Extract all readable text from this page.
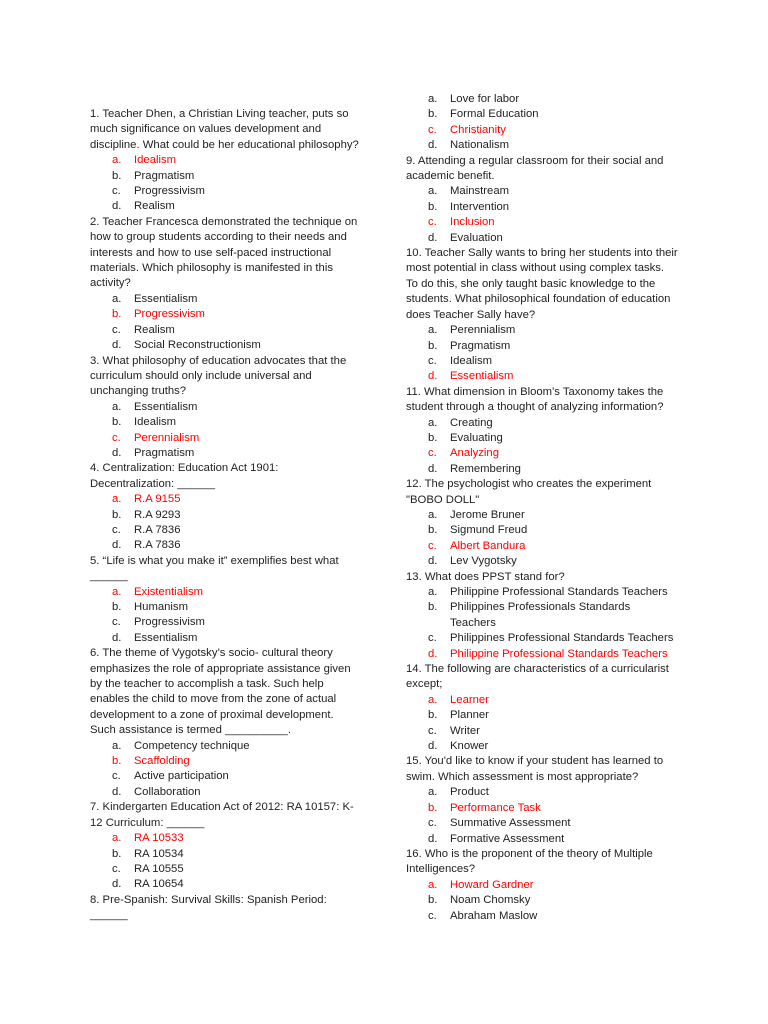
1. Teacher Dhen, a Christian Living teacher, puts so much significance on values development and discipline. What could be her educational philosophy?

a.	Idealism
b.	Pragmatism
c.	Progressivism
d.	Realism

2. Teacher Francesca demonstrated the technique on how to group students according to their needs and interests and how to use self-paced instructional materials. Which philosophy is manifested in this activity?

a.	Essentialism
b.	Progressivism
c.	Realism
d.	Social Reconstructionism

3. What philosophy of education advocates that the curriculum should only include universal and unchanging truths?

a.	Essentialism
b.	Idealism
c.	Perennialism
d.	Pragmatism

4. Centralization: Education Act 1901: Decentralization: ______

a.	R.A 9155
b.	R.A 9293
c.	R.A 7836
d.	R.A 7836

5. “Life is what you make it” exemplifies best what ______

a.	Existentialism
b.	Humanism
c.	Progressivism
d.	Essentialism

6. The theme of Vygotsky’s socio- cultural theory emphasizes the role of appropriate assistance given by the teacher to accomplish a task. Such help enables the child to move from the zone of actual development to a zone of proximal development. Such assistance is termed __________.

a.	Competency technique
b.	Scaffolding
c.	Active participation
d.	Collaboration

7. Kindergarten Education Act of 2012: RA 10157: K-12 Curriculum: ______

a.	RA 10533
b.	RA 10534
c.	RA 10555
d.	RA 10654

8. Pre-Spanish: Survival Skills: Spanish Period: ______

a.	Love for labor
b.	Formal Education
c.	Christianity
d.	Nationalism

9. Attending a regular classroom for their social and academic benefit.

a.	Mainstream
b.	Intervention
c.	Inclusion
d.	Evaluation

10. Teacher Sally wants to bring her students into their most potential in class without using complex tasks. To do this, she only taught basic knowledge to the students. What philosophical foundation of education does Teacher Sally have?

a.	Perennialism
b.	Pragmatism
c.	Idealism
d.	Essentialism

11. What dimension in Bloom's Taxonomy takes the student through a thought of analyzing information?

a.	Creating
b.	Evaluating
c.	Analyzing
d.	Remembering

12. The psychologist who creates the experiment "BOBO DOLL"

a.	Jerome Bruner
b.	Sigmund Freud
c.	Albert Bandura
d.	Lev Vygotsky

13. What does PPST stand for?

a.	Philippine Professional Standards Teachers
b.	Philippines Professionals Standards Teachers
c.	Philippines Professional Standards Teachers
d.	Philippine Professional Standards Teachers

14. The following are characteristics of a curricularist except;

a.	Learner
b.	Planner
c.	Writer
d.	Knower

15. You'd like to know if your student has learned to swim. Which assessment is most appropriate?

a.	Product
b.	Performance Task
c.	Summative Assessment
d.	Formative Assessment

16. Who is the proponent of the theory of Multiple Intelligences?

a.	Howard Gardner
b.	Noam Chomsky
c.	Abraham Maslow
